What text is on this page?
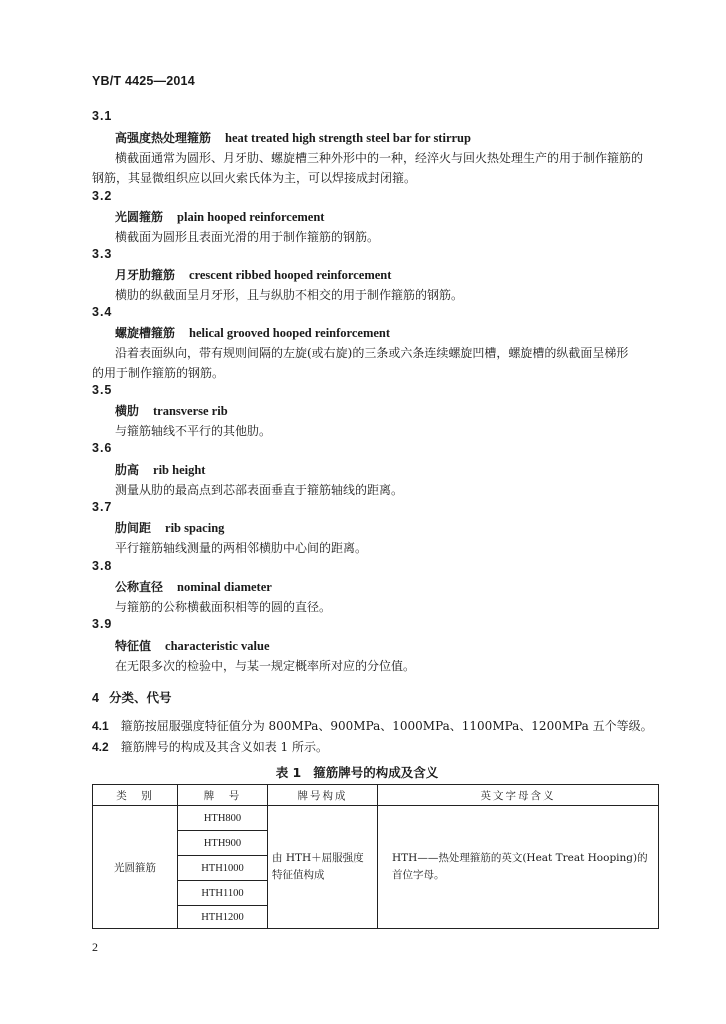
YB/T 4425—2014
3.1
高强度热处理箍筋 heat treated high strength steel bar for stirrup
横截面通常为圆形、月牙肋、螺旋槽三种外形中的一种，经淬火与回火热处理生产的用于制作箍筋的
钢筋，其显微组织应以回火索氏体为主，可以焊接成封闭箍。
3.2
光圆箍筋 plain hooped reinforcement
横截面为圆形且表面光滑的用于制作箍筋的钢筋。
3.3
月牙肋箍筋 crescent ribbed hooped reinforcement
横肋的纵截面呈月牙形，且与纵肋不相交的用于制作箍筋的钢筋。
3.4
螺旋槽箍筋 helical grooved hooped reinforcement
沿着表面纵向，带有规则间隔的左旋(或右旋)的三条或六条连续螺旋凹槽，螺旋槽的纵截面呈梯形
的用于制作箍筋的钢筋。
3.5
横肋 transverse rib
与箍筋轴线不平行的其他肋。
3.6
肋高 rib height
测量从肋的最高点到芯部表面垂直于箍筋轴线的距离。
3.7
肋间距 rib spacing
平行箍筋轴线测量的两相邻横肋中心间的距离。
3.8
公称直径 nominal diameter
与箍筋的公称横截面积相等的圆的直径。
3.9
特征值 characteristic value
在无限多次的检验中，与某一规定概率所对应的分位值。
4 分类、代号
4.1 箍筋按屈服强度特征值分为 800MPa、900MPa、1000MPa、1100MPa、1200MPa 五个等级。
4.2 箍筋牌号的构成及其含义如表 1 所示。
表 1 箍筋牌号的构成及含义
类　别	牌　号	牌号构成	英文字母含义
光圆箍筋	HTH800	由 HTH＋屈服强度特征值构成	HTH——热处理箍筋的英文(Heat Treat Hooping)的首位字母。
	HTH900		
	HTH1000		
	HTH1100		
	HTH1200		
2
